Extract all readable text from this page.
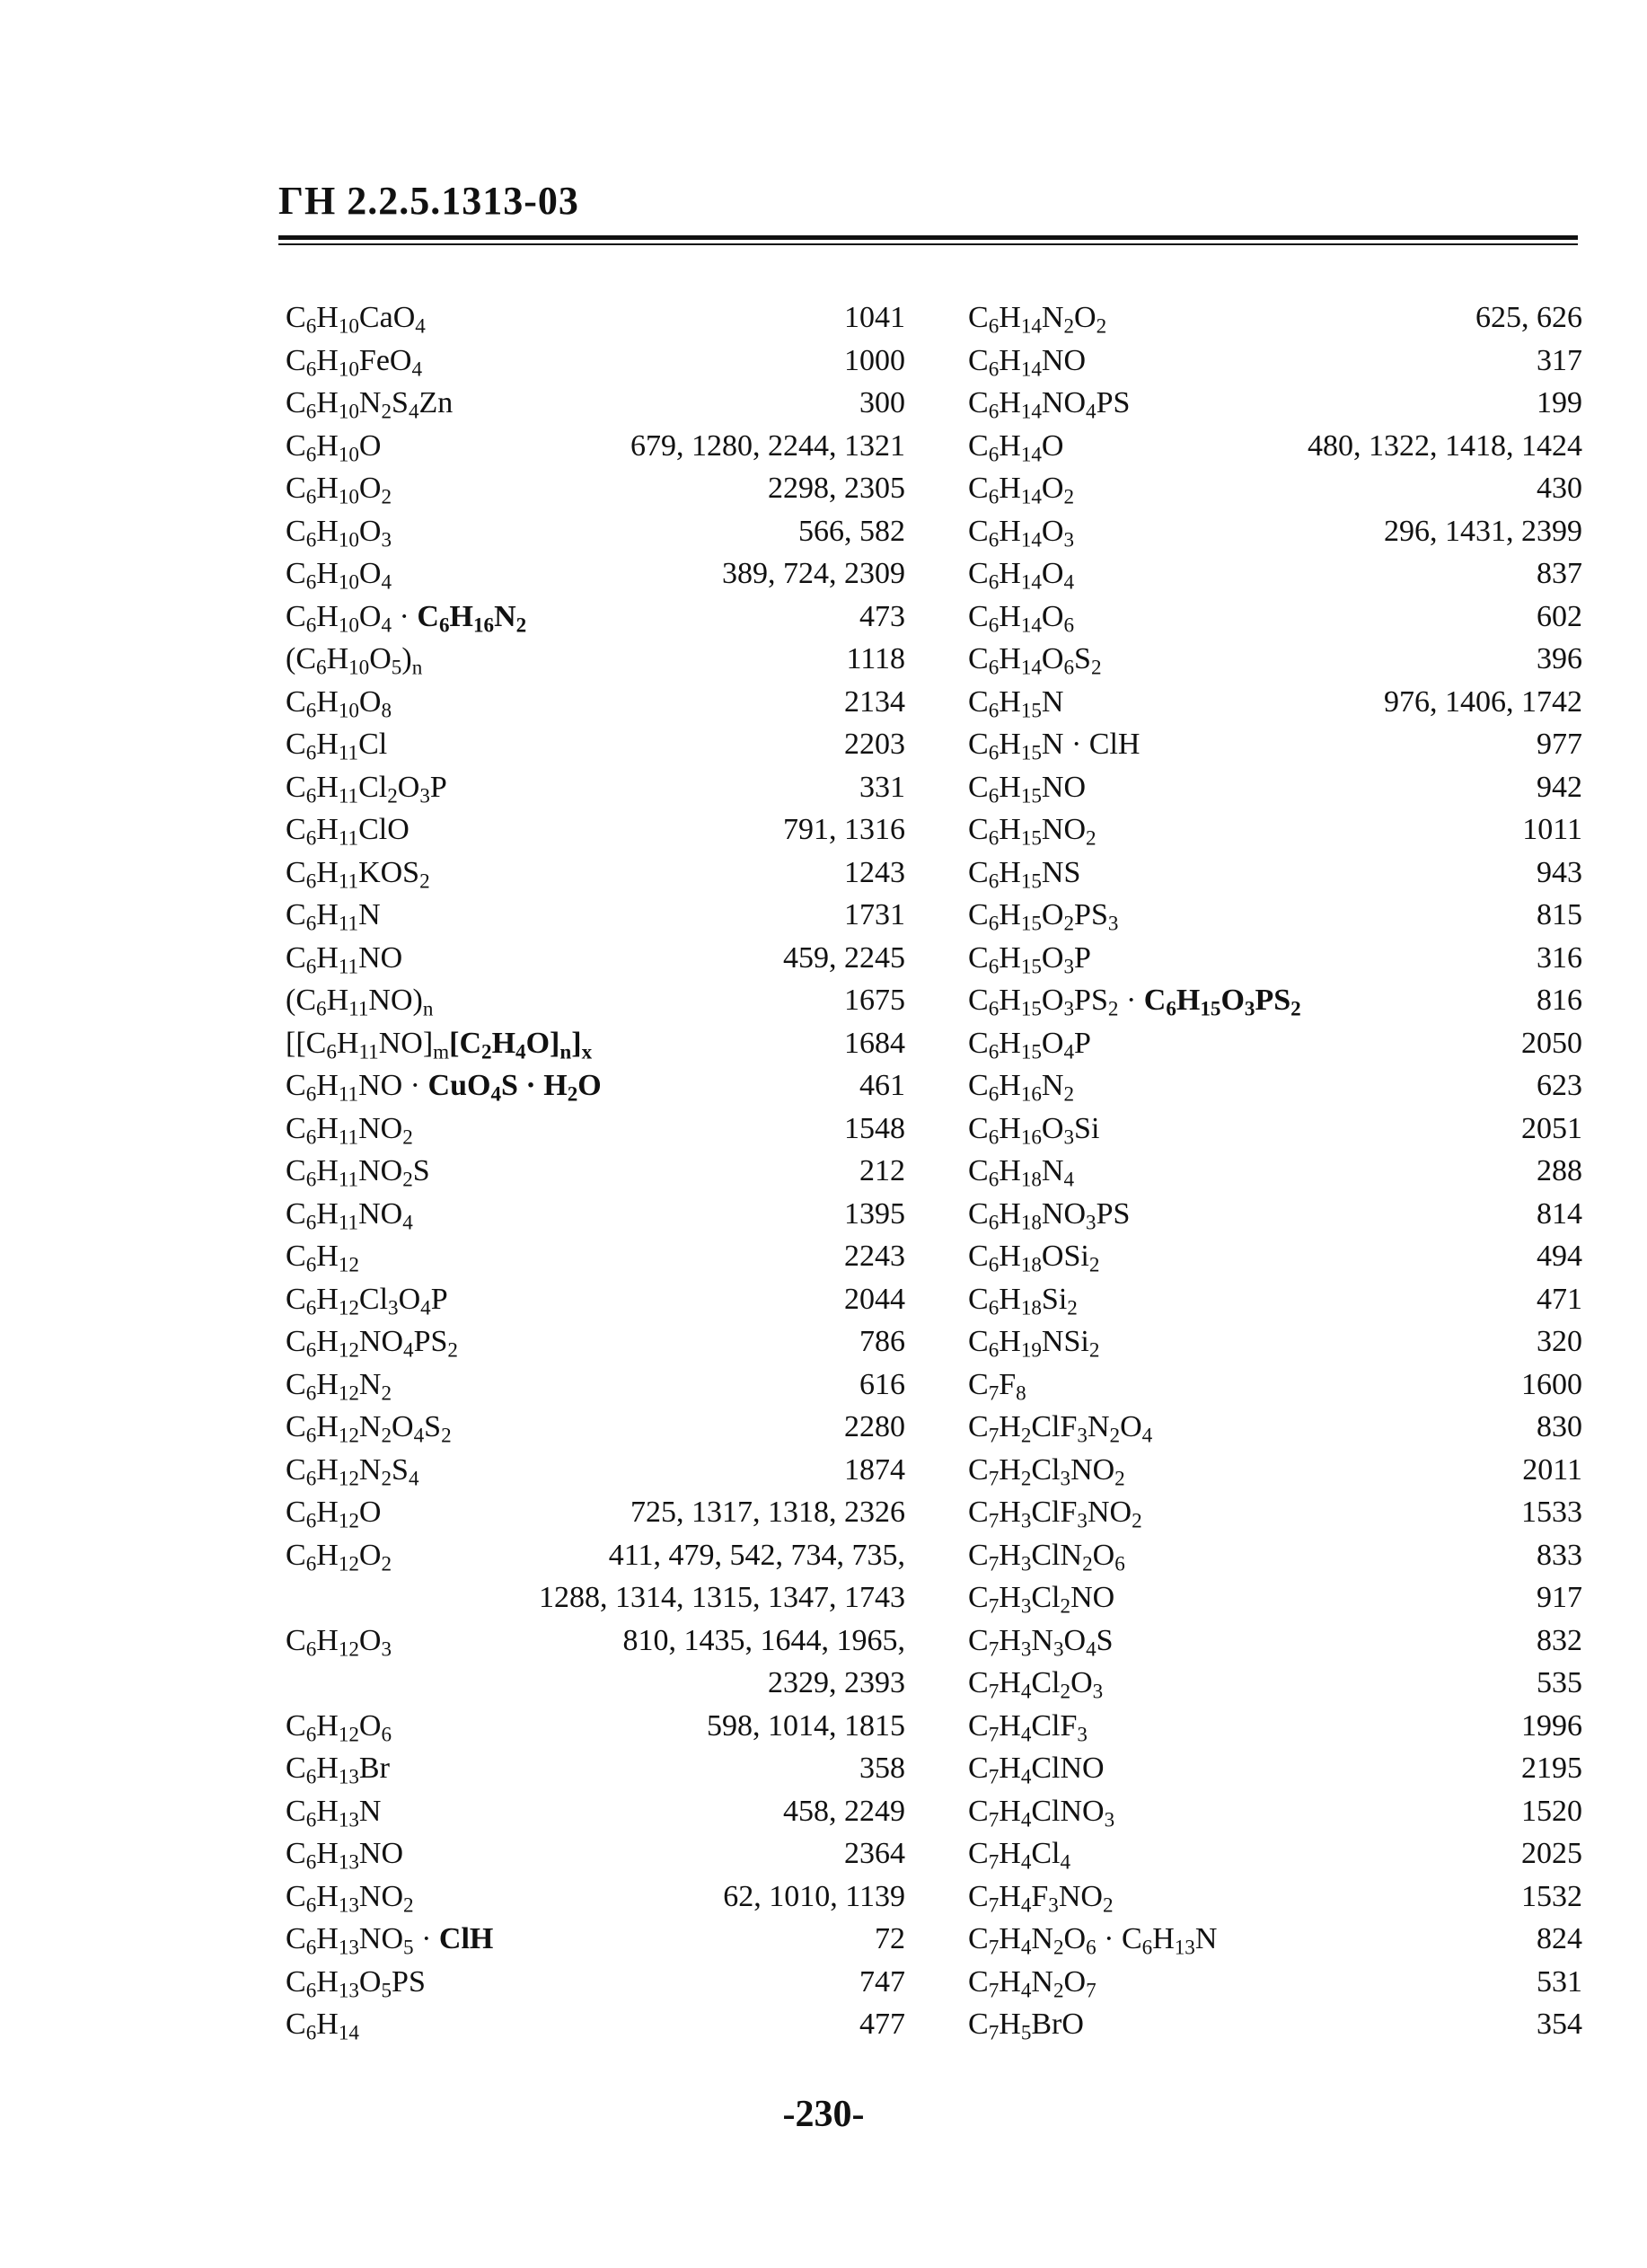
ГН 2.2.5.1313-03
$C_6H_{10}CaO_4$	1041
$C_6H_{10}FeO_4$	1000
$C_6H_{10}N_2S_4Zn$	300
$C_6H_{10}O$	679, 1280, 2244, 1321
$C_6H_{10}O_2$	2298, 2305
$C_6H_{10}O_3$	566, 582
$C_6H_{10}O_4$	389, 724, 2309
$C_6H_{10}O_4 \cdot C_6H_{16}N_2$	473
$(C_6H_{10}O_5)_n$	1118
$C_6H_{10}O_8$	2134
$C_6H_{11}Cl$	2203
$C_6H_{11}Cl_2O_3P$	331
$C_6H_{11}ClO$	791, 1316
$C_6H_{11}KOS_2$	1243
$C_6H_{11}N$	1731
$C_6H_{11}NO$	459, 2245
$(C_6H_{11}NO)_n$	1675
$[[C_6H_{11}NO]_m[C_2H_4O]_n]_x$	1684
$C_6H_{11}NO \cdot CuO_4S \cdot H_2O$	461
$C_6H_{11}NO_2$	1548
$C_6H_{11}NO_2S$	212
$C_6H_{11}NO_4$	1395
$C_6H_{12}$	2243
$C_6H_{12}Cl_3O_4P$	2044
$C_6H_{12}NO_4PS_2$	786
$C_6H_{12}N_2$	616
$C_6H_{12}N_2O_4S_2$	2280
$C_6H_{12}N_2S_4$	1874
$C_6H_{12}O$	725, 1317, 1318, 2326
$C_6H_{12}O_2$	411, 479, 542, 734, 735,
1288, 1314, 1315, 1347, 1743
$C_6H_{12}O_3$	810, 1435, 1644, 1965,
2329, 2393
$C_6H_{12}O_6$	598, 1014, 1815
$C_6H_{13}Br$	358
$C_6H_{13}N$	458, 2249
$C_6H_{13}NO$	2364
$C_6H_{13}NO_2$	62, 1010, 1139
$C_6H_{13}NO_5$ · ClH	72
$C_6H_{13}O_5PS$	747
$C_6H_{14}$	477
$C_6H_{14}N_2O_2$	625, 626
$C_6H_{14}NO$	317
$C_6H_{14}NO_4PS$	199
$C_6H_{14}O$	480, 1322, 1418, 1424
$C_6H_{14}O_2$	430
$C_6H_{14}O_3$	296, 1431, 2399
$C_6H_{14}O_4$	837
$C_6H_{14}O_6$	602
$C_6H_{14}O_6S_2$	396
$C_6H_{15}N$	976, 1406, 1742
$C_6H_{15}N$ · ClH	977
$C_6H_{15}NO$	942
$C_6H_{15}NO_2$	1011
$C_6H_{15}NS$	943
$C_6H_{15}O_2PS_3$	815
$C_6H_{15}O_3P$	316
$C_6H_{15}O_3PS_2 \cdot C_6H_{15}O_3PS_2$	816
$C_6H_{15}O_4P$	2050
$C_6H_{16}N_2$	623
$C_6H_{16}O_3Si$	2051
$C_6H_{18}N_4$	288
$C_6H_{18}NO_3PS$	814
$C_6H_{18}OSi_2$	494
$C_6H_{18}Si_2$	471
$C_6H_{19}NSi_2$	320
$C_7F_8$	1600
$C_7H_2ClF_3N_2O_4$	830
$C_7H_2Cl_3NO_2$	2011
$C_7H_3ClF_3NO_2$	1533
$C_7H_3ClN_2O_6$	833
$C_7H_3Cl_2NO$	917
$C_7H_3N_3O_4S$	832
$C_7H_4Cl_2O_3$	535
$C_7H_4ClF_3$	1996
$C_7H_4ClNO$	2195
$C_7H_4ClNO_3$	1520
$C_7H_4Cl_4$	2025
$C_7H_4F_3NO_2$	1532
$C_7H_4N_2O_6 \cdot C_6H_{13}N$	824
$C_7H_4N_2O_7$	531
$C_7H_5BrO$	354
-230-
